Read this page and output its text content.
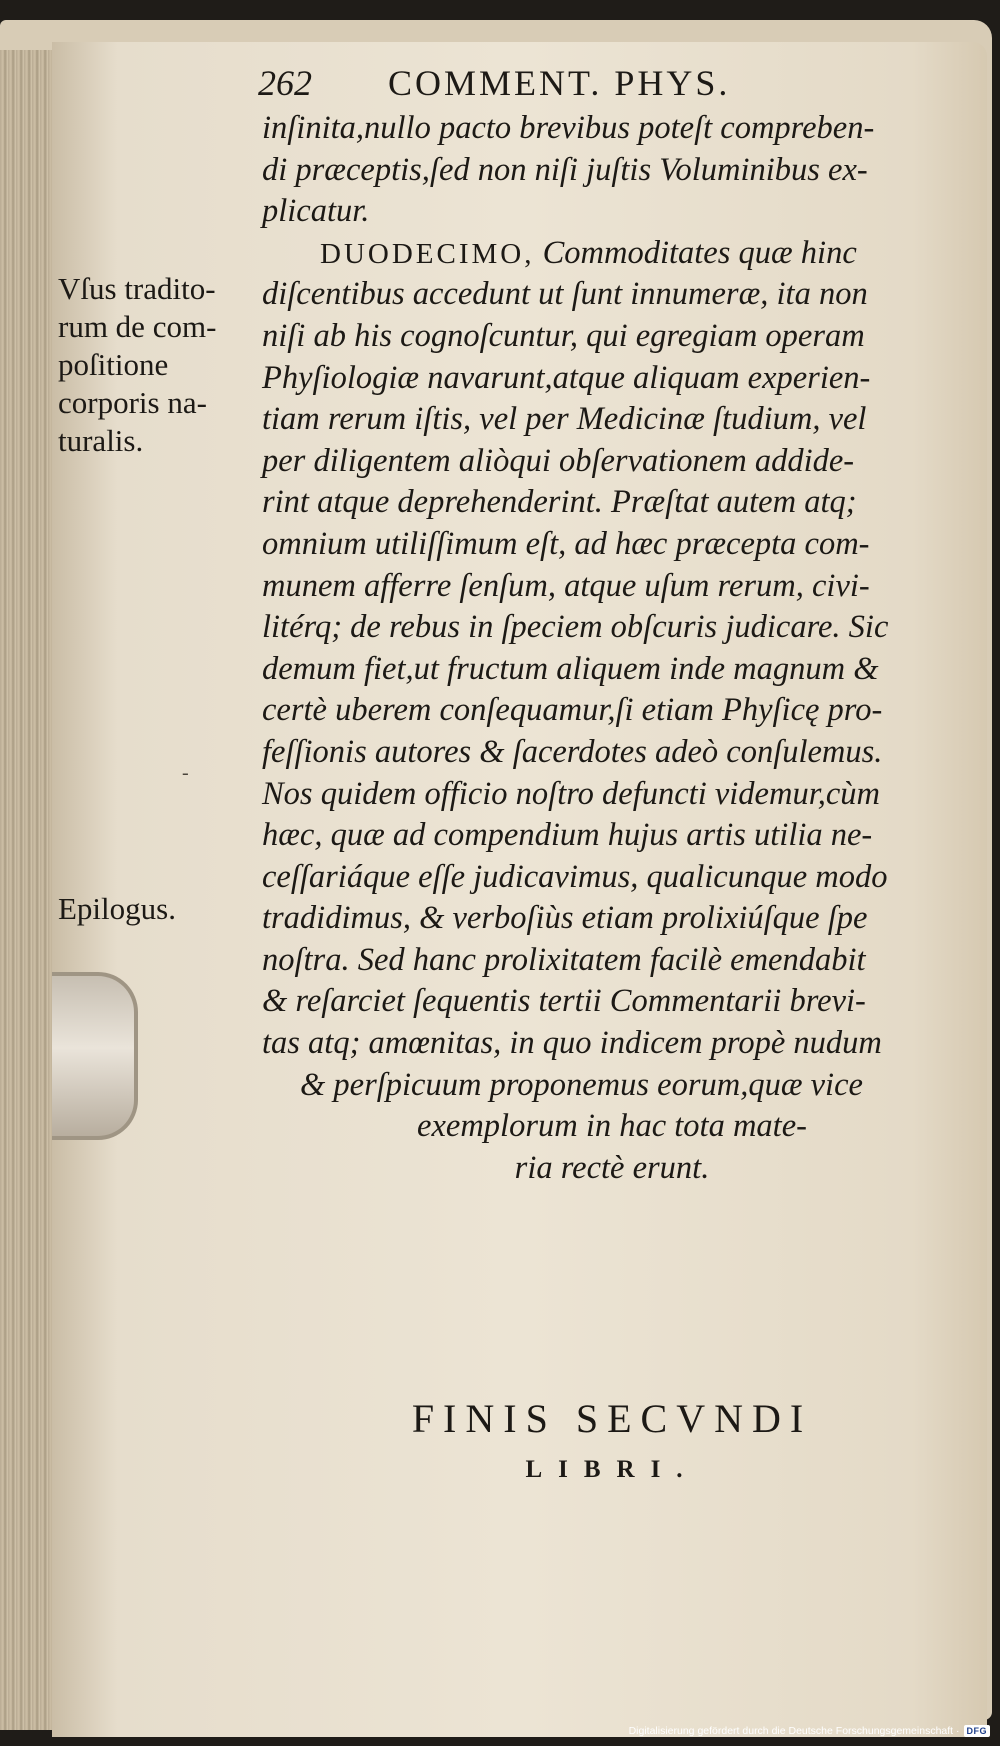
262 COMMENT. PHYS.
Vſus tradito-
rum de com-
poſitione
corporis na-
turalis.
Epilogus.
-
inſinita,nullo pacto brevibus poteſt compreben-
di præceptis,ſed non niſi juſtis Voluminibus ex-
plicatur.
DUODECIMO, Commoditates quæ hinc
diſcentibus accedunt ut ſunt innumeræ, ita non
niſi ab his cognoſcuntur, qui egregiam operam
Phyſiologiæ navarunt,atque aliquam experien-
tiam rerum iſtis, vel per Medicinæ ſtudium, vel
per diligentem aliòqui obſervationem addide-
rint atque deprehenderint. Præſtat autem atq;
omnium utiliſſimum eſt, ad hæc præcepta com-
munem afferre ſenſum, atque uſum rerum, civi-
litérq; de rebus in ſpeciem obſcuris judicare. Sic
demum fiet,ut fructum aliquem inde magnum &
certè uberem conſequamur,ſi etiam Phyſicę pro-
feſſionis autores & ſacerdotes adeò conſulemus.
Nos quidem officio noſtro defuncti videmur,cùm
hæc, quæ ad compendium hujus artis utilia ne-
ceſſariáque eſſe judicavimus, qualicunque modo
tradidimus, & verboſiùs etiam prolixiúſque ſpe
noſtra. Sed hanc prolixitatem facilè emendabit
& reſarciet ſequentis tertii Commentarii brevi-
tas atq; amœnitas, in quo indicem propè nudum
& perſpicuum proponemus eorum,quæ vice
exemplorum in hac tota mate-
ria rectè erunt.
FINIS SECVNDI
LIBRI.
Digitalisierung gefördert durch die Deutsche Forschungsgemeinschaft · DFG
